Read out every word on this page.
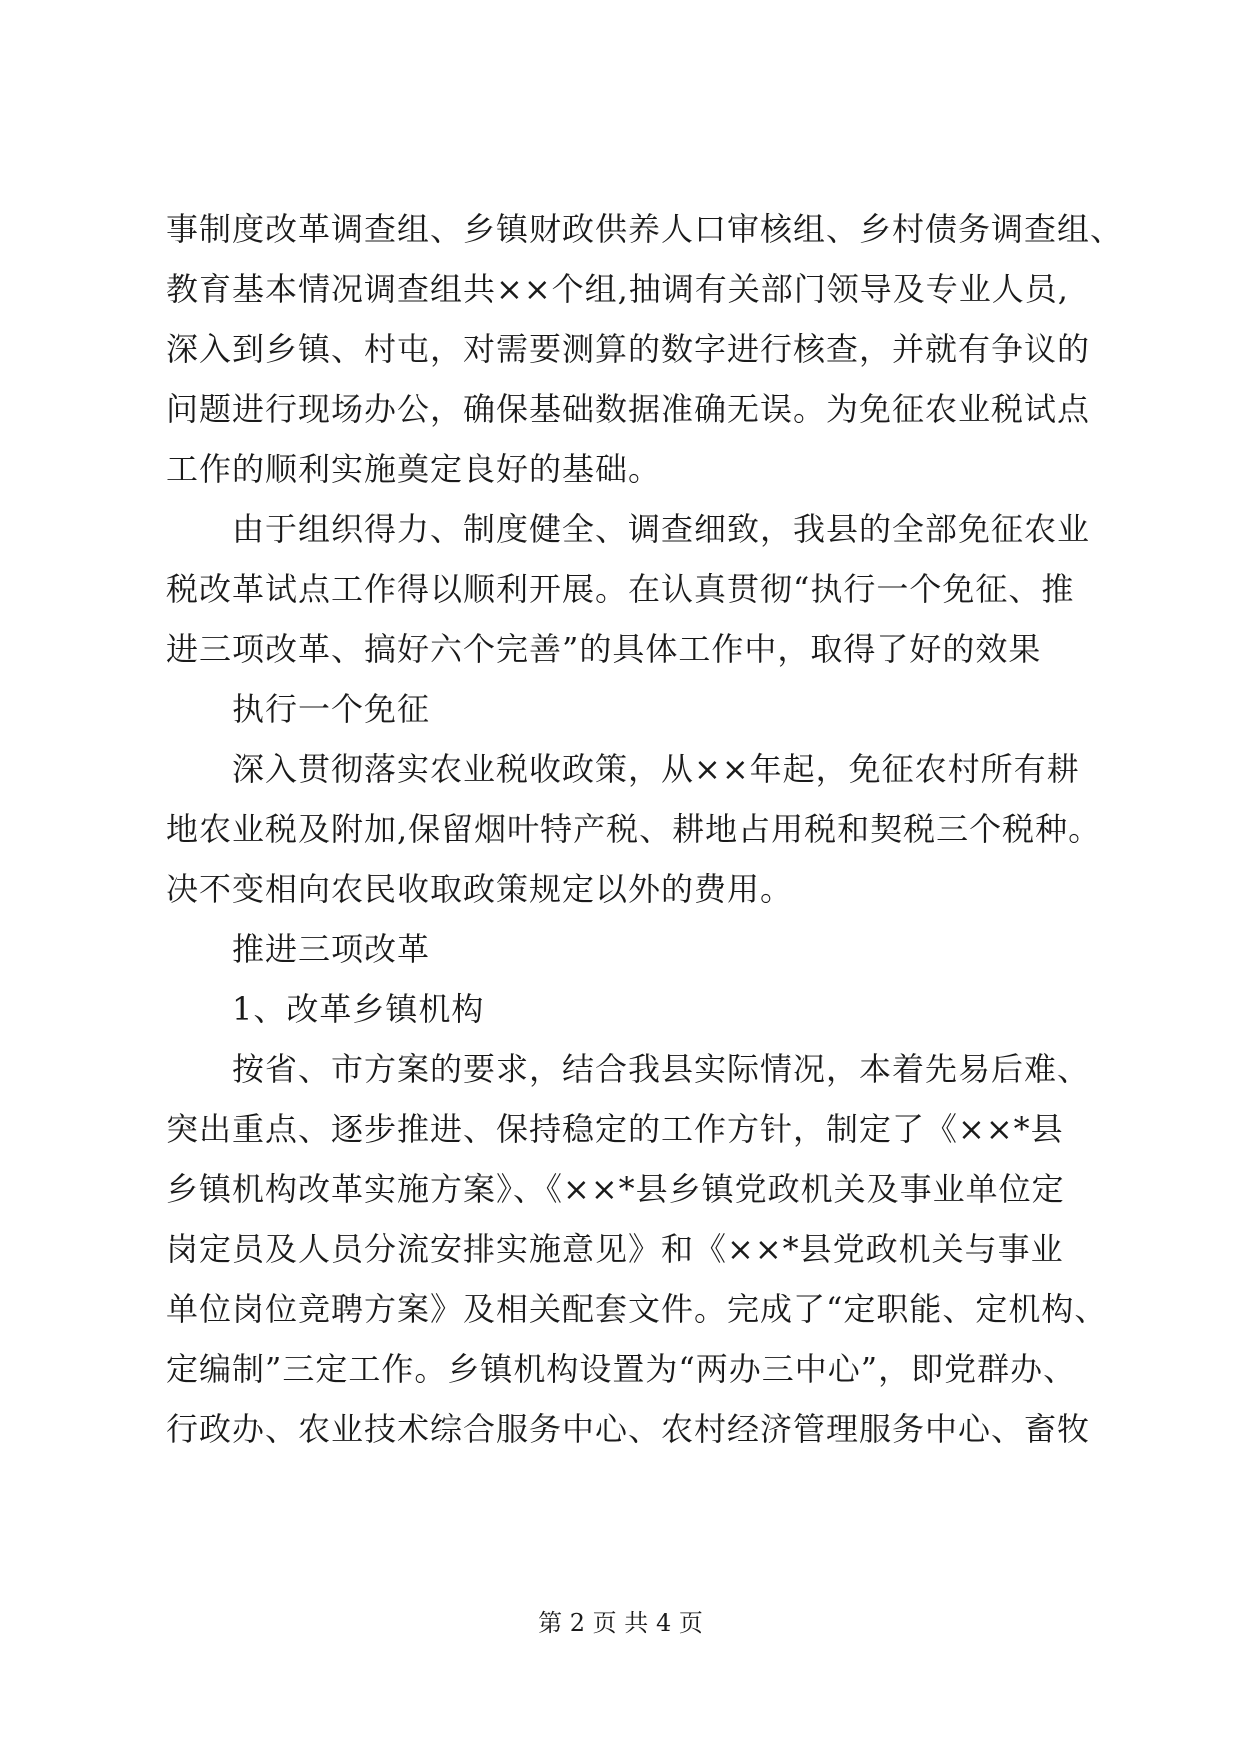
事制度改革调查组、乡镇财政供养人口审核组、乡村债务调查组、
教育基本情况调查组共××个组,抽调有关部门领导及专业人员,
深入到乡镇、村屯，对需要测算的数字进行核查，并就有争议的
问题进行现场办公，确保基础数据准确无误。为免征农业税试点
工作的顺利实施奠定良好的基础。
由于组织得力、制度健全、调查细致，我县的全部免征农业
税改革试点工作得以顺利开展。在认真贯彻“执行一个免征、推
进三项改革、搞好六个完善”的具体工作中，取得了好的效果
执行一个免征
深入贯彻落实农业税收政策，从××年起，免征农村所有耕
地农业税及附加,保留烟叶特产税、耕地占用税和契税三个税种。
决不变相向农民收取政策规定以外的费用。
推进三项改革
1、改革乡镇机构
按省、市方案的要求，结合我县实际情况，本着先易后难、
突出重点、逐步推进、保持稳定的工作方针，制定了《××*县
乡镇机构改革实施方案》、《××*县乡镇党政机关及事业单位定
岗定员及人员分流安排实施意见》和《××*县党政机关与事业
单位岗位竞聘方案》及相关配套文件。完成了“定职能、定机构、
定编制”三定工作。乡镇机构设置为“两办三中心”，即党群办、
行政办、农业技术综合服务中心、农村经济管理服务中心、畜牧
第 2 页 共 4 页
